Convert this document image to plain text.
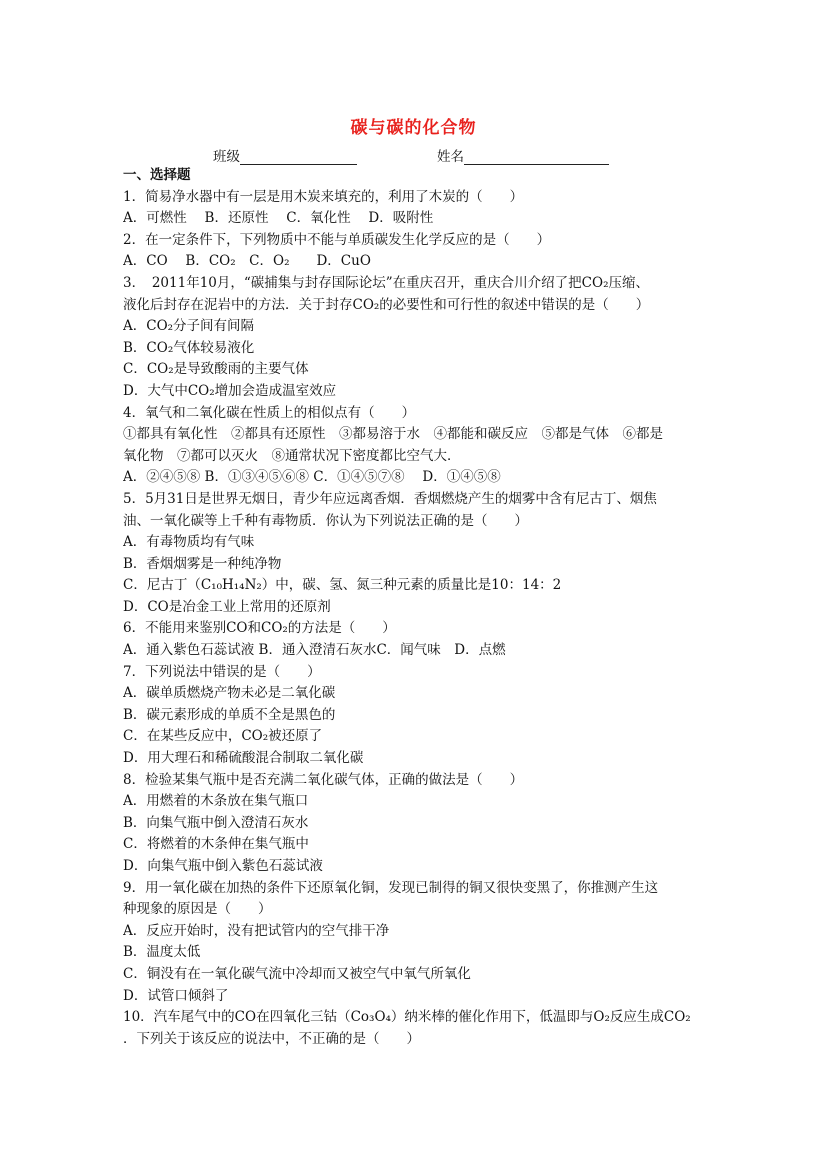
碳与碳的化合物
班级	姓名
一、选择题
1．简易净水器中有一层是用木炭来填充的，利用了木炭的（　　）
A．可燃性　 B．还原性　 C．氧化性　 D．吸附性
2．在一定条件下，下列物质中不能与单质碳发生化学反应的是（　　）
A．CO　 B．CO₂　C．O₂　　D．CuO
3．　2011年10月，“碳捕集与封存国际论坛”在重庆召开，重庆合川介绍了把CO₂压缩、
液化后封存在泥岩中的方法．关于封存CO₂的必要性和可行性的叙述中错误的是（　　）
A．CO₂分子间有间隔
B．CO₂气体较易液化
C．CO₂是导致酸雨的主要气体
D．大气中CO₂增加会造成温室效应
4．氧气和二氧化碳在性质上的相似点有（　　）
①都具有氧化性　②都具有还原性　③都易溶于水　④都能和碳反应　⑤都是气体　⑥都是
氧化物　⑦都可以灭火　⑧通常状况下密度都比空气大．
A．②④⑤⑧ B．①③④⑤⑥⑧ C．①④⑤⑦⑧　 D．①④⑤⑧
5．5月31日是世界无烟日，青少年应远离香烟．香烟燃烧产生的烟雾中含有尼古丁、烟焦
油、一氧化碳等上千种有毒物质．你认为下列说法正确的是（　　）
A．有毒物质均有气味
B．香烟烟雾是一种纯净物
C．尼古丁（C₁₀H₁₄N₂）中，碳、氢、氮三种元素的质量比是10：14：2
D．CO是冶金工业上常用的还原剂
6．不能用来鉴别CO和CO₂的方法是（　　）
A．通入紫色石蕊试液 B．通入澄清石灰水C．闻气味　D．点燃
7．下列说法中错误的是（　　）
A．碳单质燃烧产物未必是二氧化碳
B．碳元素形成的单质不全是黑色的
C．在某些反应中，CO₂被还原了
D．用大理石和稀硫酸混合制取二氧化碳
8．检验某集气瓶中是否充满二氧化碳气体，正确的做法是（　　）
A．用燃着的木条放在集气瓶口
B．向集气瓶中倒入澄清石灰水
C．将燃着的木条伸在集气瓶中
D．向集气瓶中倒入紫色石蕊试液
9．用一氧化碳在加热的条件下还原氧化铜，发现已制得的铜又很快变黑了，你推测产生这
种现象的原因是（　　）
A．反应开始时，没有把试管内的空气排干净
B．温度太低
C．铜没有在一氧化碳气流中冷却而又被空气中氧气所氧化
D．试管口倾斜了
10．汽车尾气中的CO在四氧化三钴（Co₃O₄）纳米棒的催化作用下，低温即与O₂反应生成CO₂
．下列关于该反应的说法中，不正确的是（　　）
